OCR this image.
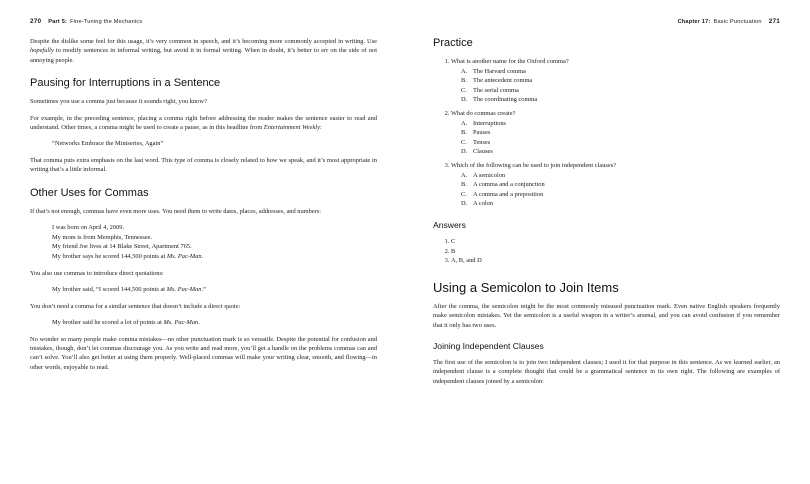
270 Part 5:
Fine-Tuning the Mechanics

Despite the dislike some feel for this usage, it’s very common in speech, and it’s becoming more commonly accepted in writing. Use hopefully to modify sentences in informal writing, but avoid it in formal writing. When in doubt, it’s better to err on the side of not annoying people.

Pausing for Interruptions in a Sentence

Sometimes you use a comma just because it sounds right, you know?

For example, in the preceding sentence, placing a comma right before addressing the reader makes the sentence easier to read and understand. Other times, a comma might be used to create a pause, as in this headline from Entertainment Weekly:

“Networks Embrace the Miniseries, Again”

That comma puts extra emphasis on the last word. This type of comma is closely related to how we speak, and it’s most appropriate in writing that’s a little informal.

Other Uses for Commas

If that’s not enough, commas have even more uses. You need them to write dates, places, addresses, and numbers:

I was born on April 4, 2009.
My mom is from Memphis, Tennessee.
My friend Joe lives at 14 Blake Street, Apartment 765.
My brother says he scored 144,500 points at Ms. Pac-Man.

You also use commas to introduce direct quotations:

My brother said, “I scored 144,500 points at Ms. Pac-Man.”

You don’t need a comma for a similar sentence that doesn’t include a direct quote:

My brother said he scored a lot of points at Ms. Pac-Man.

No wonder so many people make comma mistakes—no other punctuation mark is so versatile. Despite the potential for confusion and mistakes, though, don’t let commas discourage you. As you write and read more, you’ll get a handle on the problems commas can and can’t solve. You’ll also get better at using them properly. Well-placed commas will make your writing clear, smooth, and flowing—in other words, enjoyable to read.

Chapter 17:
Basic Punctuation 271
Practice
1. What is another name for the Oxford comma?
A. The Harvard comma
B. The antecedent comma
C. The serial comma
D. The coordinating comma
2. What do commas create?
A. Interruptions
B. Pauses
C. Tenses
D. Clauses
3. Which of the following can be used to join independent clauses?
A. A semicolon
B. A comma and a conjunction
C. A comma and a preposition
D. A colon
Answers
1. C
2. B
3. A, B, and D
Using a Semicolon to Join Items

After the comma, the semicolon might be the most commonly misused punctuation mark. Even native English speakers frequently make semicolon mistakes. Yet the semicolon is a useful weapon in a writer’s arsenal, and you can avoid confusion if you remember that it only has two uses.

Joining Independent Clauses

The first use of the semicolon is to join two independent clauses; I used it for that purpose in this sentence. As we learned earlier, an independent clause is a complete thought that could be a grammatical sentence in its own right. The following are examples of independent clauses joined by a semicolon:
